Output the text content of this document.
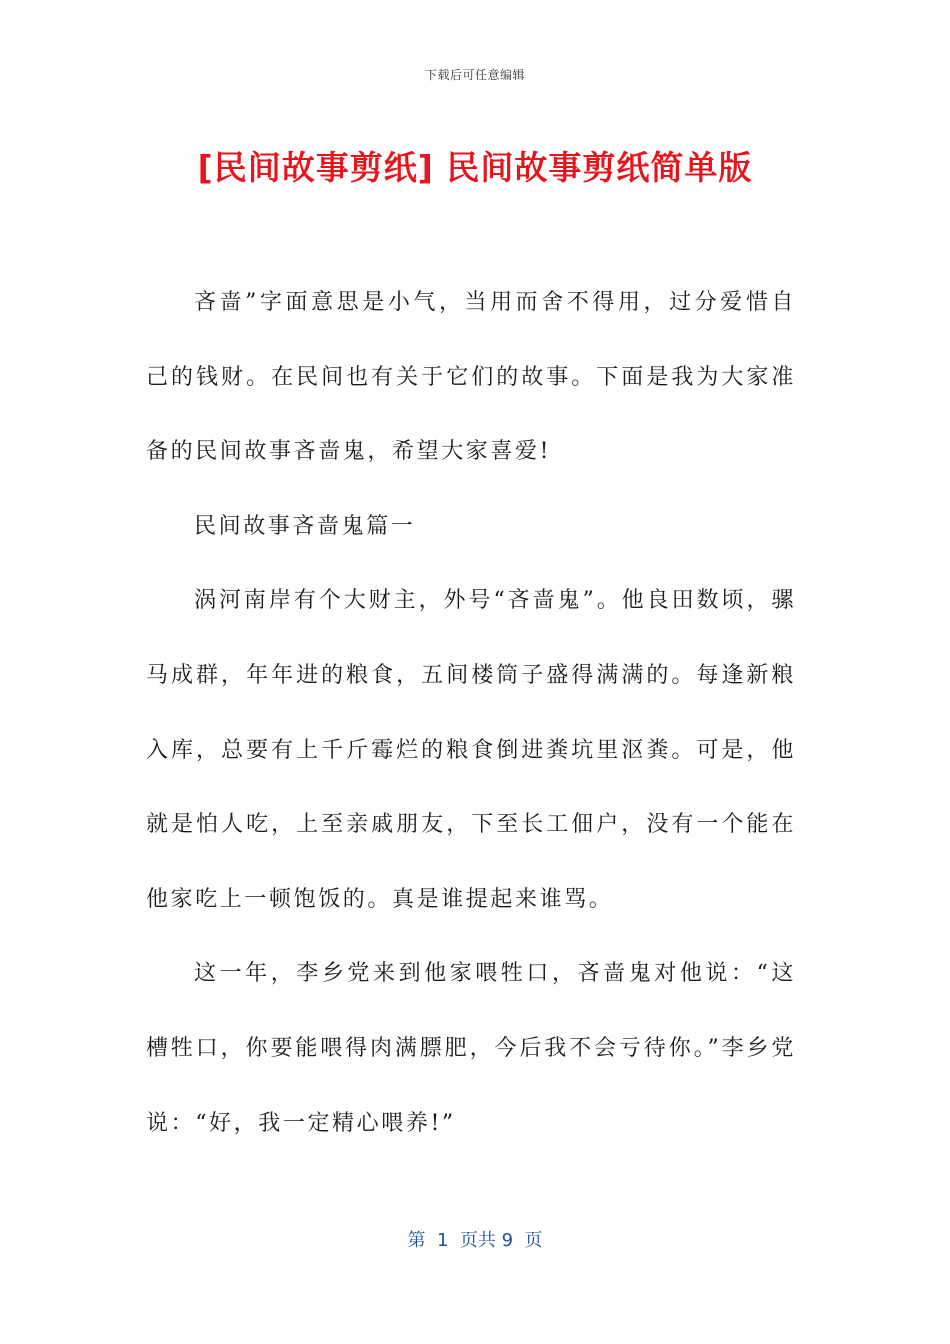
下载后可任意编辑
[民间故事剪纸] 民间故事剪纸简单版

吝啬”字面意思是小气，当用而舍不得用，过分爱惜自己的钱财。在民间也有关于它们的故事。下面是我为大家准备的民间故事吝啬鬼，希望大家喜爱!

民间故事吝啬鬼篇一

涡河南岸有个大财主，外号“吝啬鬼”。他良田数顷，骡马成群，年年进的粮食，五间楼筒子盛得满满的。每逢新粮入库，总要有上千斤霉烂的粮食倒进粪坑里沤粪。可是，他就是怕人吃，上至亲戚朋友，下至长工佃户，没有一个能在他家吃上一顿饱饭的。真是谁提起来谁骂。

这一年，李乡党来到他家喂牲口，吝啬鬼对他说：“这槽牲口，你要能喂得肉满膘肥，今后我不会亏待你。”李乡党说：“好，我一定精心喂养!”

第  1  页共 9  页
